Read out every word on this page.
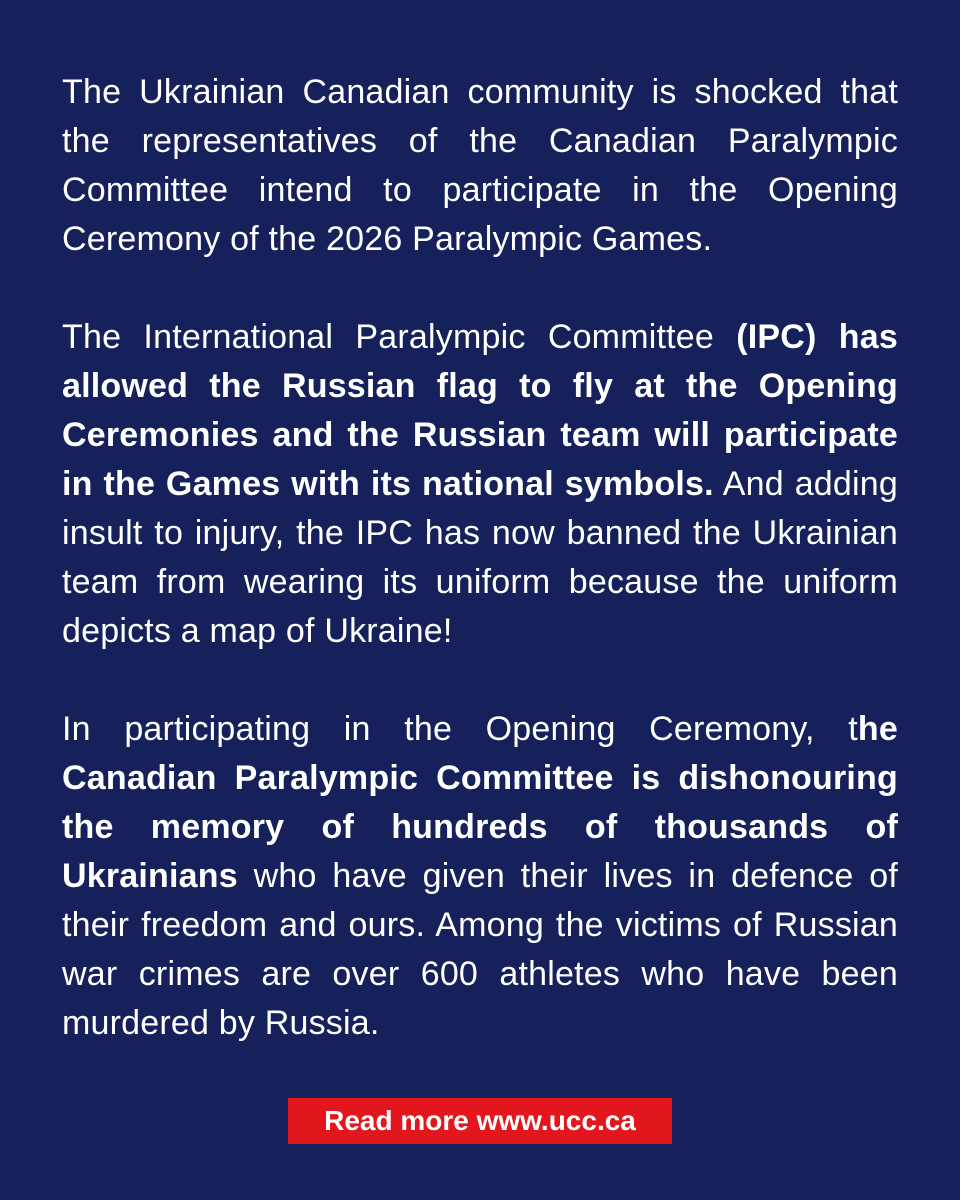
The Ukrainian Canadian community is shocked that the representatives of the Canadian Paralympic Committee intend to participate in the Opening Ceremony of the 2026 Paralympic Games.

The International Paralympic Committee (IPC) has allowed the Russian flag to fly at the Opening Ceremonies and the Russian team will participate in the Games with its national symbols. And adding insult to injury, the IPC has now banned the Ukrainian team from wearing its uniform because the uniform depicts a map of Ukraine!

In participating in the Opening Ceremony, the Canadian Paralympic Committee is dishonouring the memory of hundreds of thousands of Ukrainians who have given their lives in defence of their freedom and ours. Among the victims of Russian war crimes are over 600 athletes who have been murdered by Russia.

Read more www.ucc.ca
